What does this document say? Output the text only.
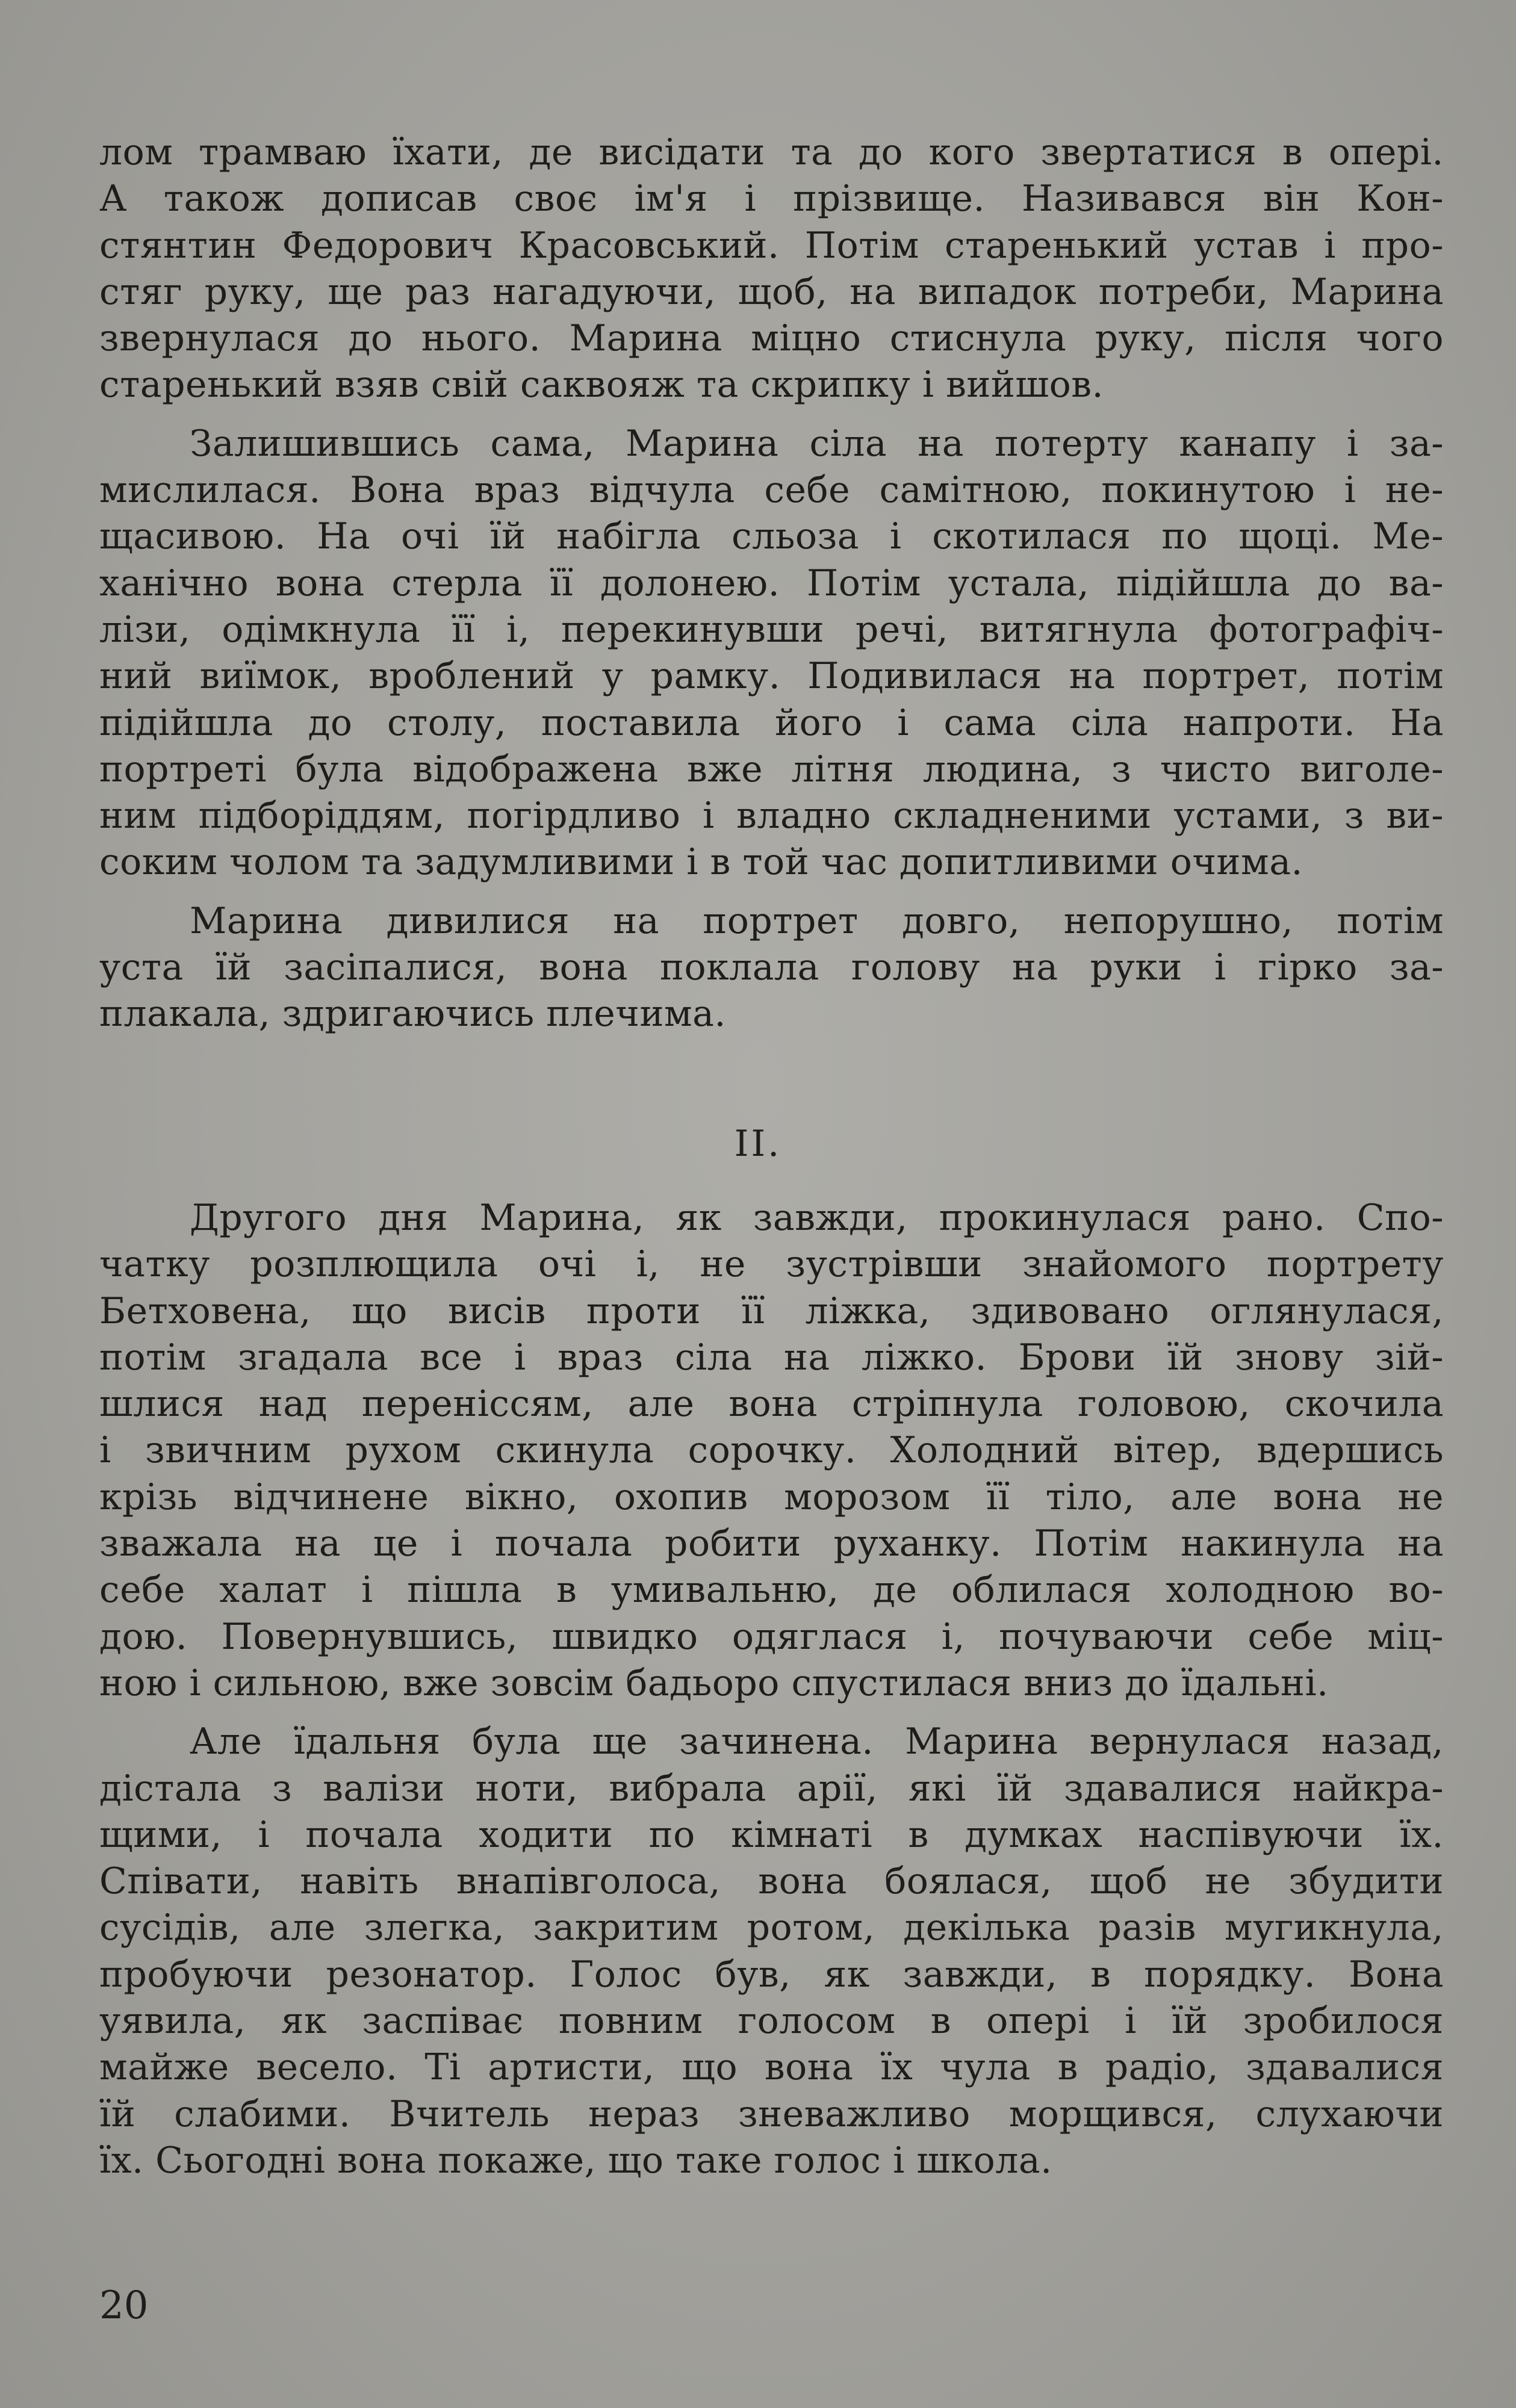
лом трамваю їхати, де висідати та до кого звертатися в опері.
А також дописав своє ім'я і прізвище. Називався він Кон-
стянтин Федорович Красовський. Потім старенький устав і про-
стяг руку, ще раз нагадуючи, щоб, на випадок потреби, Марина
звернулася до нього. Марина міцно стиснула руку, після чого
старенький взяв свій саквояж та скрипку і вийшов.
Залишившись сама, Марина сіла на потерту канапу і за-
мислилася. Вона враз відчула себе самітною, покинутою і не-
щасивою. На очі їй набігла сльоза і скотилася по щоці. Ме-
ханічно вона стерла її долонею. Потім устала, підійшла до ва-
лізи, одімкнула її і, перекинувши речі, витягнула фотографіч-
ний виїмок, вроблений у рамку. Подивилася на портрет, потім
підійшла до столу, поставила його і сама сіла напроти. На
портреті була відображена вже літня людина, з чисто виголе-
ним підборіддям, погірдливо і владно складненими устами, з ви-
соким чолом та задумливими і в той час допитливими очима.
Марина дивилися на портрет довго, непорушно, потім
уста їй засіпалися, вона поклала голову на руки і гірко за-
плакала, здригаючись плечима.
II.
Другого дня Марина, як завжди, прокинулася рано. Спо-
чатку розплющила очі і, не зустрівши знайомого портрету
Бетховена, що висів проти її ліжка, здивовано оглянулася,
потім згадала все і враз сіла на ліжко. Брови їй знову зій-
шлися над переніссям, але вона стріпнула головою, скочила
і звичним рухом скинула сорочку. Холодний вітер, вдершись
крізь відчинене вікно, охопив морозом її тіло, але вона не
зважала на це і почала робити руханку. Потім накинула на
себе халат і пішла в умивальню, де облилася холодною во-
дою. Повернувшись, швидко одяглася і, почуваючи себе міц-
ною і сильною, вже зовсім бадьоро спустилася вниз до їдальні.
Але їдальня була ще зачинена. Марина вернулася назад,
дістала з валізи ноти, вибрала арії, які їй здавалися найкра-
щими, і почала ходити по кімнаті в думках наспівуючи їх.
Співати, навіть внапівголоса, вона боялася, щоб не збудити
сусідів, але злегка, закритим ротом, декілька разів мугикнула,
пробуючи резонатор. Голос був, як завжди, в порядку. Вона
уявила, як заспіває повним голосом в опері і їй зробилося
майже весело. Ті артисти, що вона їх чула в радіо, здавалися
їй слабими. Вчитель нераз зневажливо морщився, слухаючи
їх. Сьогодні вона покаже, що таке голос і школа.
20
